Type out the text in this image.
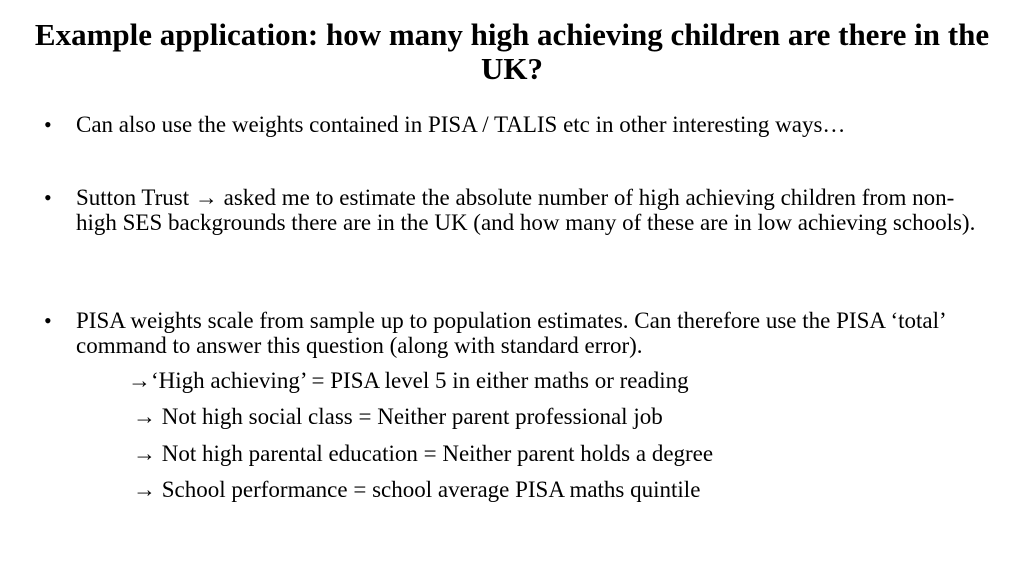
Example application: how many high achieving children are there in the UK?
• Can also use the weights contained in PISA / TALIS etc in other interesting ways…
• Sutton Trust → asked me to estimate the absolute number of high achieving children from non-high SES backgrounds there are in the UK (and how many of these are in low achieving schools).
• PISA weights scale from sample up to population estimates. Can therefore use the PISA ‘total’ command to answer this question (along with standard error).
→‘High achieving’ = PISA level 5 in either maths or reading
→ Not high social class = Neither parent professional job
→ Not high parental education = Neither parent holds a degree
→ School performance = school average PISA maths quintile
